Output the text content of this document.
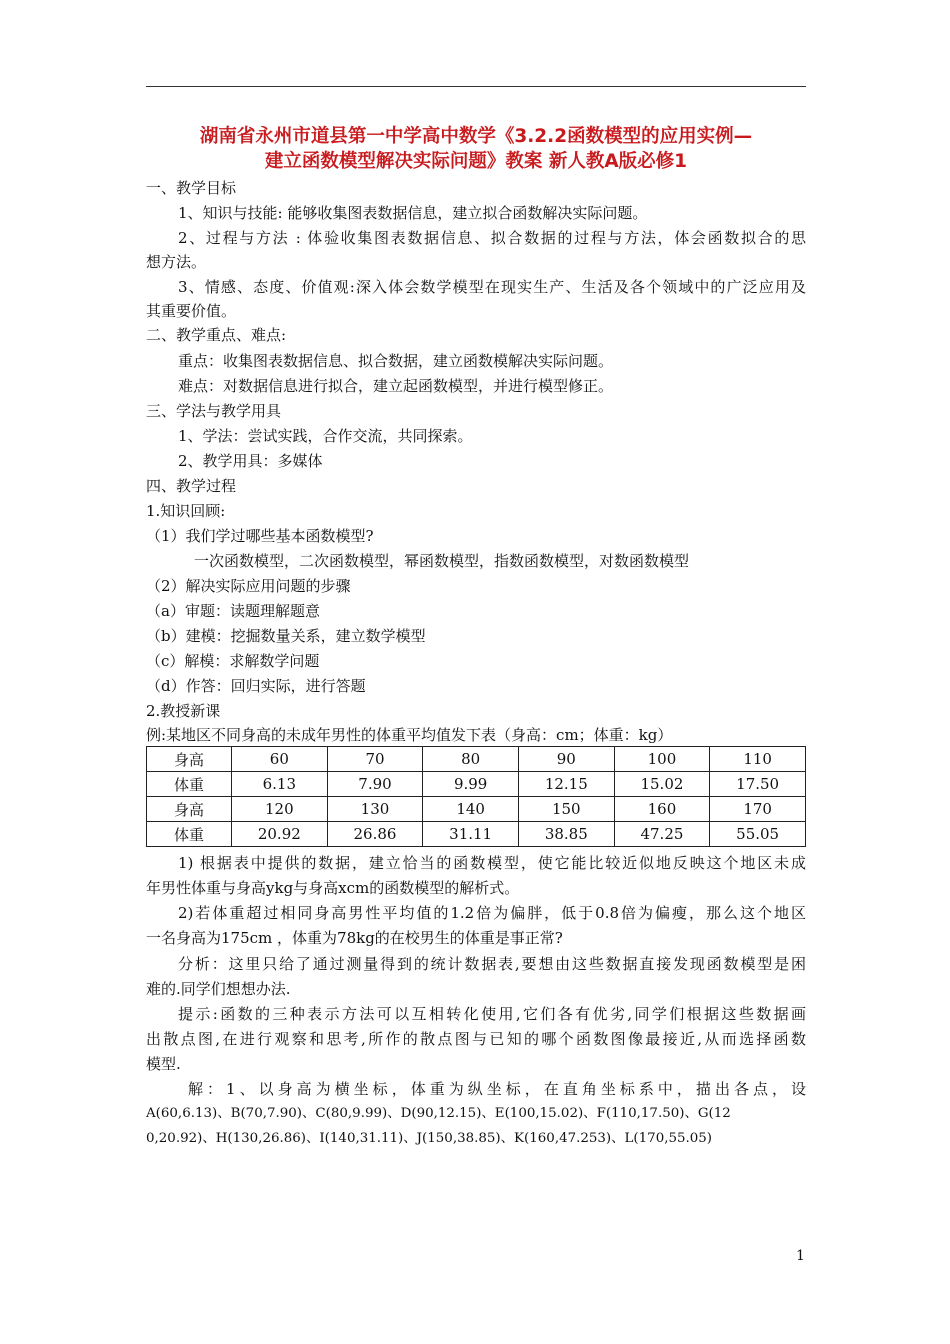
湖南省永州市道县第一中学高中数学《3.2.2函数模型的应用实例—
建立函数模型解决实际问题》教案 新人教A版必修1
一、教学目标
1、知识与技能: 能够收集图表数据信息，建立拟合函数解决实际问题。
2、过程与方法 : 体验收集图表数据信息、拟合数据的过程与方法，体会函数拟合的思
想方法。
3、情感、态度、价值观:深入体会数学模型在现实生产、生活及各个领域中的广泛应用及
其重要价值。
二、教学重点、难点:
重点：收集图表数据信息、拟合数据，建立函数模解决实际问题。
难点：对数据信息进行拟合，建立起函数模型，并进行模型修正。
三、学法与教学用具
1、学法：尝试实践，合作交流，共同探索。
2、教学用具：多媒体
四、教学过程
1.知识回顾:
（1）我们学过哪些基本函数模型?
一次函数模型，二次函数模型，幂函数模型，指数函数模型，对数函数模型
（2）解决实际应用问题的步骤
（a）审题：读题理解题意
（b）建模：挖掘数量关系，建立数学模型
（c）解模：求解数学问题
（d）作答：回归实际，进行答题
2.教授新课
例:某地区不同身高的未成年男性的体重平均值发下表（身高：cm；体重：kg）
身高	60	70	80	90	100	110
体重	6.13	7.90	9.99	12.15	15.02	17.50
身高	120	130	140	150	160	170
体重	20.92	26.86	31.11	38.85	47.25	55.05
1) 根据表中提供的数据，建立恰当的函数模型，使它能比较近似地反映这个地区未成
年男性体重与身高ykg与身高xcm的函数模型的解析式。
2)若体重超过相同身高男性平均值的1.2倍为偏胖，低于0.8倍为偏瘦，那么这个地区
一名身高为175cm ，体重为78kg的在校男生的体重是事正常?
分析：这里只给了通过测量得到的统计数据表,要想由这些数据直接发现函数模型是困
难的.同学们想想办法.
提示:函数的三种表示方法可以互相转化使用,它们各有优劣,同学们根据这些数据画
出散点图,在进行观察和思考,所作的散点图与已知的哪个函数图像最接近,从而选择函数
模型.
解：1、以身高为横坐标，体重为纵坐标，在直角坐标系中，描出各点，设
A(60,6.13)、B(70,7.90)、C(80,9.99)、D(90,12.15)、E(100,15.02)、F(110,17.50)、G(12
0,20.92)、H(130,26.86)、I(140,31.11)、J(150,38.85)、K(160,47.253)、L(170,55.05)
1
